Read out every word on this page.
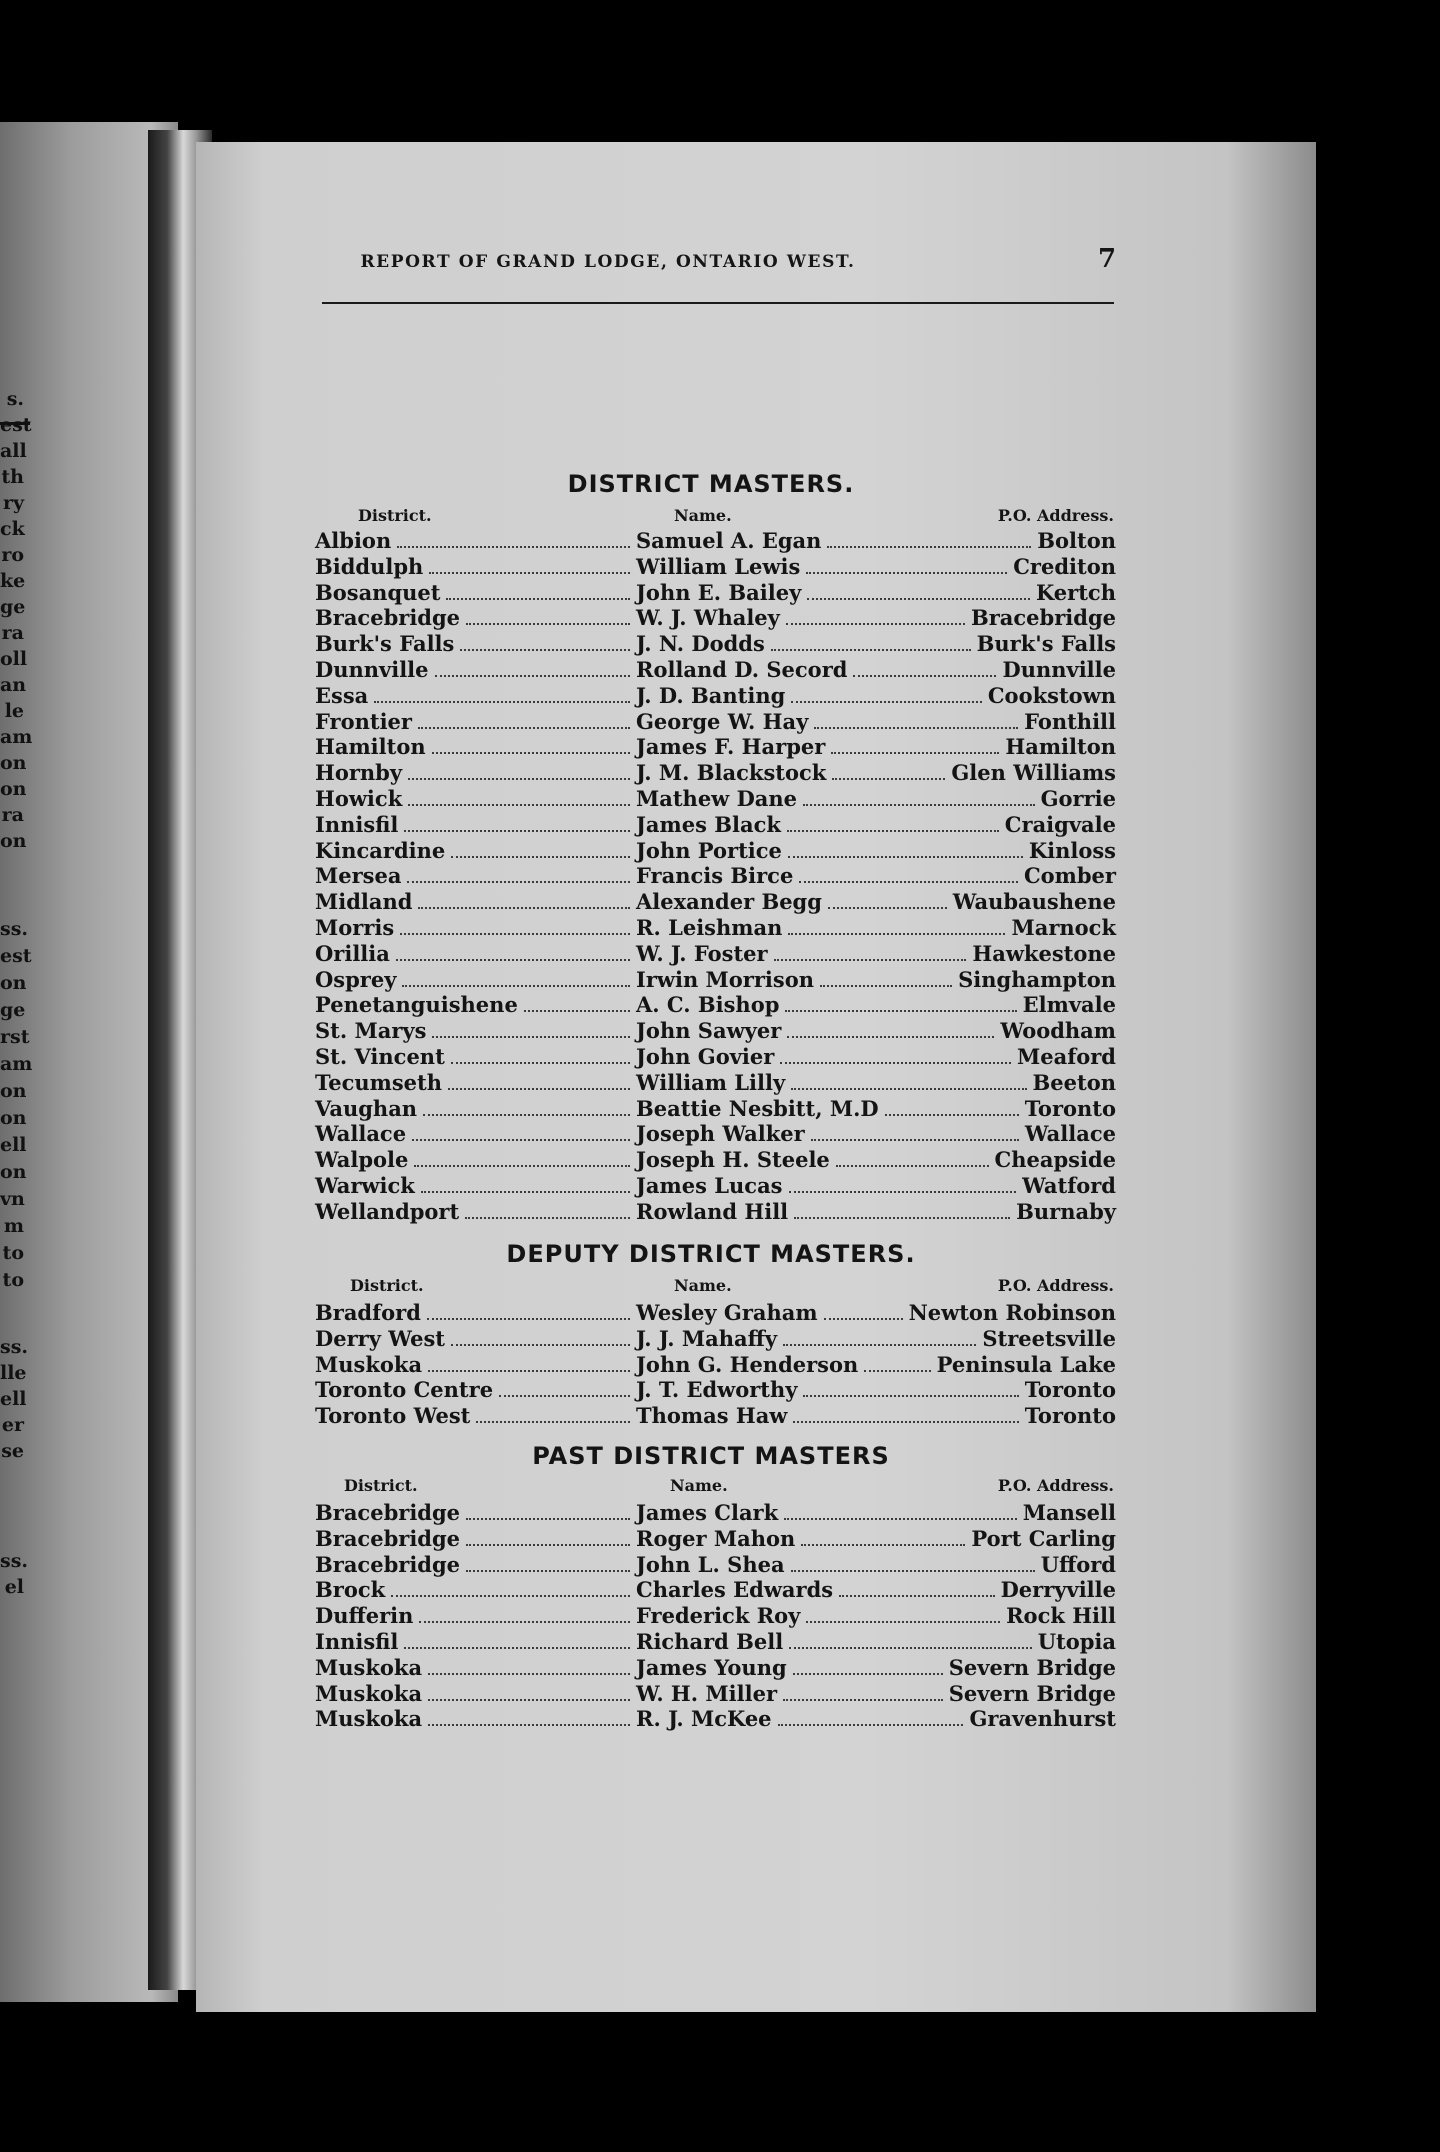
s.
est
all
th
ry
ck
ro
ke
ge
ra
oll
an
le
am
on
on
ra
on
ss.
est
on
ge
rst
am
on
on
ell
on
vn
m
to
to
ss.
lle
ell
er
se
ss.
el
REPORT OF GRAND LODGE, ONTARIO WEST.	7
DISTRICT MASTERS.
District.	Name.	P.O. Address.
Albion	Samuel A. Egan	Bolton
Biddulph	William Lewis	Crediton
Bosanquet	John E. Bailey	Kertch
Bracebridge	W. J. Whaley	Bracebridge
Burk's Falls	J. N. Dodds	Burk's Falls
Dunnville	Rolland D. Secord	Dunnville
Essa	J. D. Banting	Cookstown
Frontier	George W. Hay	Fonthill
Hamilton	James F. Harper	Hamilton
Hornby	J. M. Blackstock	Glen Williams
Howick	Mathew Dane	Gorrie
Innisfil	James Black	Craigvale
Kincardine	John Portice	Kinloss
Mersea	Francis Birce	Comber
Midland	Alexander Begg	Waubaushene
Morris	R. Leishman	Marnock
Orillia	W. J. Foster	Hawkestone
Osprey	Irwin Morrison	Singhampton
Penetanguishene	A. C. Bishop	Elmvale
St. Marys	John Sawyer	Woodham
St. Vincent	John Govier	Meaford
Tecumseth	William Lilly	Beeton
Vaughan	Beattie Nesbitt, M.D	Toronto
Wallace	Joseph Walker	Wallace
Walpole	Joseph H. Steele	Cheapside
Warwick	James Lucas	Watford
Wellandport	Rowland Hill	Burnaby
DEPUTY DISTRICT MASTERS.
District.	Name.	P.O. Address.
Bradford	Wesley Graham	Newton Robinson
Derry West	J. J. Mahaffy	Streetsville
Muskoka	John G. Henderson	Peninsula Lake
Toronto Centre	J. T. Edworthy	Toronto
Toronto West	Thomas Haw	Toronto
PAST DISTRICT MASTERS
District.	Name.	P.O. Address.
Bracebridge	James Clark	Mansell
Bracebridge	Roger Mahon	Port Carling
Bracebridge	John L. Shea	Ufford
Brock	Charles Edwards	Derryville
Dufferin	Frederick Roy	Rock Hill
Innisfil	Richard Bell	Utopia
Muskoka	James Young	Severn Bridge
Muskoka	W. H. Miller	Severn Bridge
Muskoka	R. J. McKee	Gravenhurst
